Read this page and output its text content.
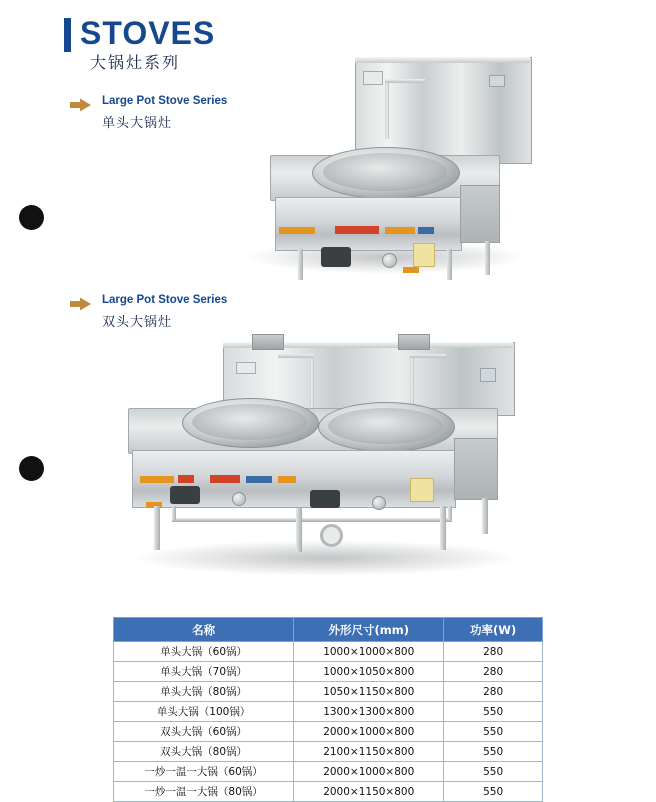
STOVES
大锅灶系列
Large Pot Stove Series
单头大锅灶
Large Pot Stove Series
双头大锅灶
名称	外形尺寸(mm)	功率(W)
单头大锅（60锅）	1000×1000×800	280
单头大锅（70锅）	1000×1050×800	280
单头大锅（80锅）	1050×1150×800	280
单头大锅（100锅）	1300×1300×800	550
双头大锅（60锅）	2000×1000×800	550
双头大锅（80锅）	2100×1150×800	550
一炒一温一大锅（60锅）	2000×1000×800	550
一炒一温一大锅（80锅）	2000×1150×800	550
